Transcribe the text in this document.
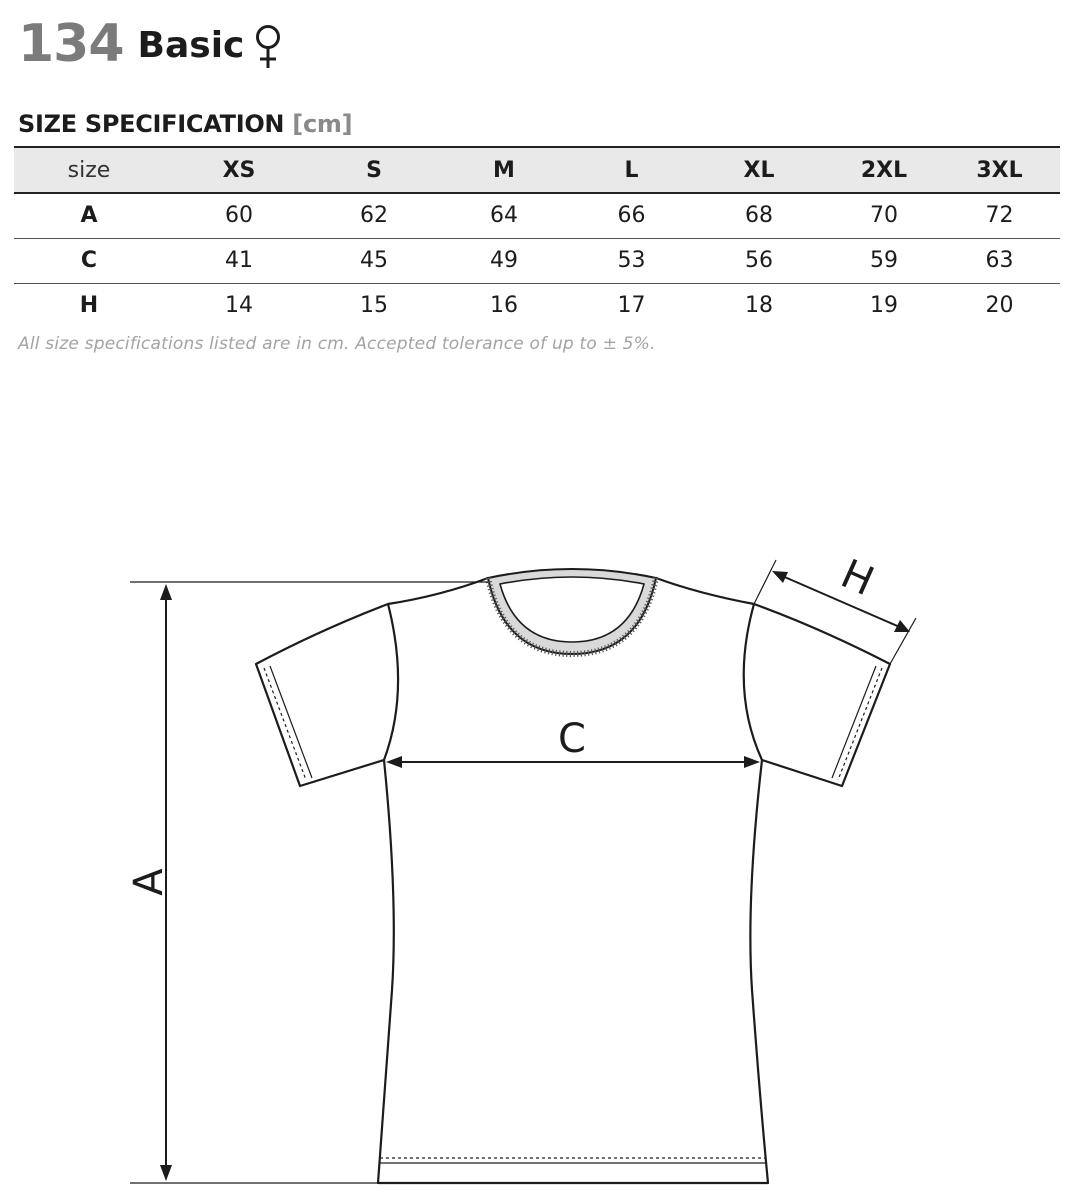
134 Basic
SIZE SPECIFICATION [cm]
size	XS	S	M	L	XL	2XL	3XL
A	60	62	64	66	68	70	72
C	41	45	49	53	56	59	63
H	14	15	16	17	18	19	20
All size specifications listed are in cm. Accepted tolerance of up to ± 5%.
A
C
H
